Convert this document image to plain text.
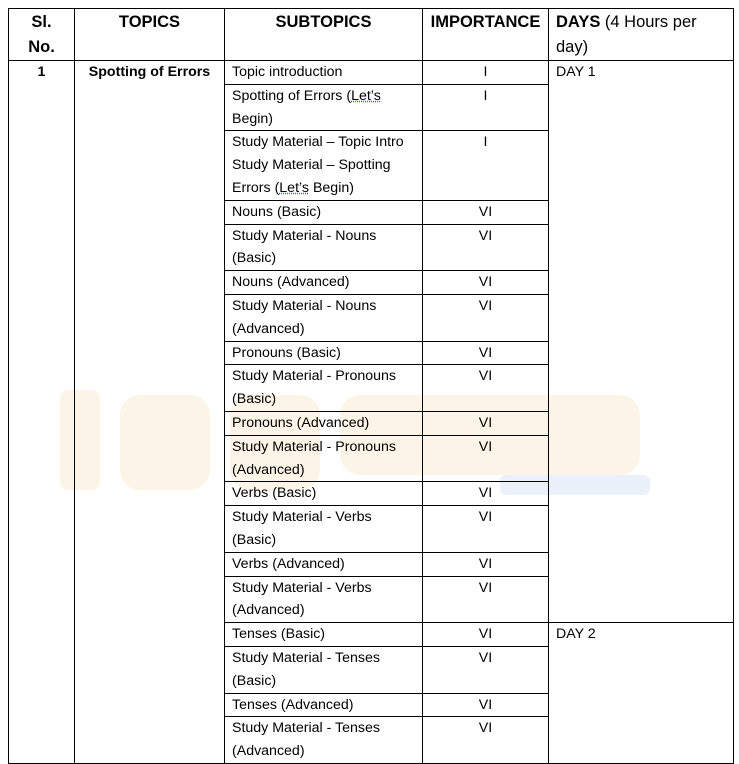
Sl. No.	TOPICS	SUBTOPICS	IMPORTANCE	DAYS (4 Hours per day)
1	Spotting of Errors	Topic introduction	I	DAY 1
		Spotting of Errors (Let’s Begin)	I	
		Study Material – Topic Intro Study Material – Spotting Errors (Let’s Begin)	I	
		Nouns (Basic)	VI	
		Study Material - Nouns (Basic)	VI	
		Nouns (Advanced)	VI	
		Study Material - Nouns (Advanced)	VI	
		Pronouns (Basic)	VI	
		Study Material - Pronouns (Basic)	VI	
		Pronouns (Advanced)	VI	
		Study Material - Pronouns (Advanced)	VI	
		Verbs (Basic)	VI	
		Study Material - Verbs (Basic)	VI	
		Verbs (Advanced)	VI	
		Study Material - Verbs (Advanced)	VI	
		Tenses (Basic)	VI	DAY 2
		Study Material - Tenses (Basic)	VI	
		Tenses (Advanced)	VI	
		Study Material - Tenses (Advanced)	VI	
